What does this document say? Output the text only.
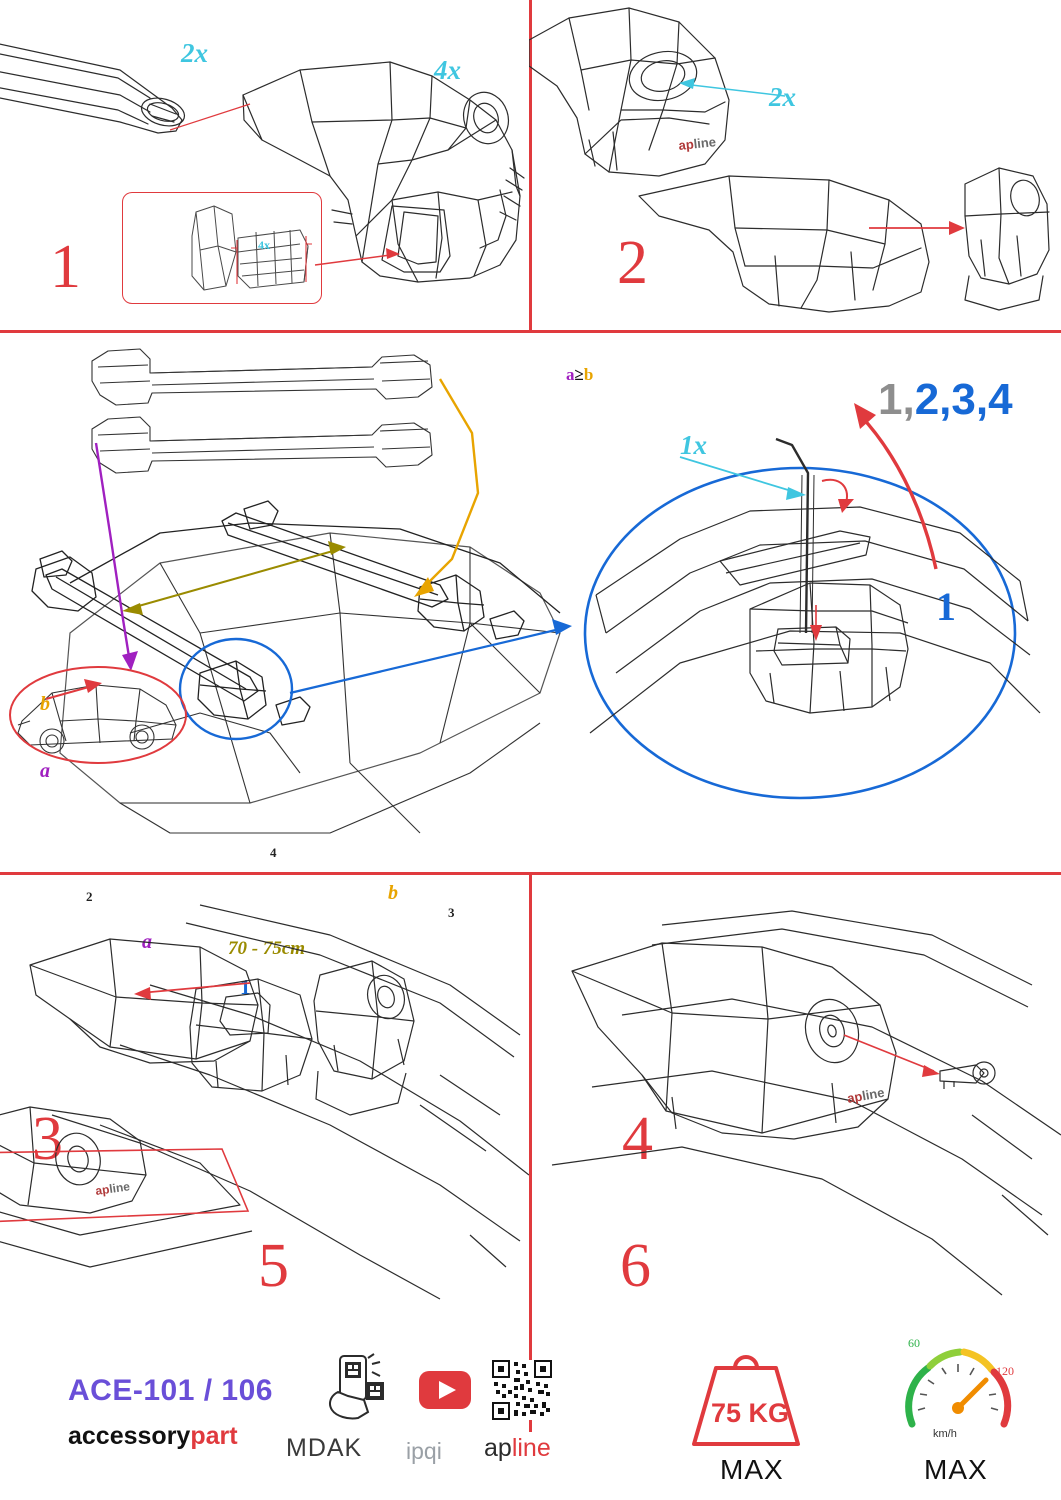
2x
4x
4x
1
apline
2x
2
b
a
a
b
70 - 75cm
1
2
3
4
3
a≥b
1x
1,2,3,4
1
4
apline
5
apline
6
ACE-101 / 106
accessorypart MDAK ipqi apline
75 KG
MAX
60
120
km/h
MAX
